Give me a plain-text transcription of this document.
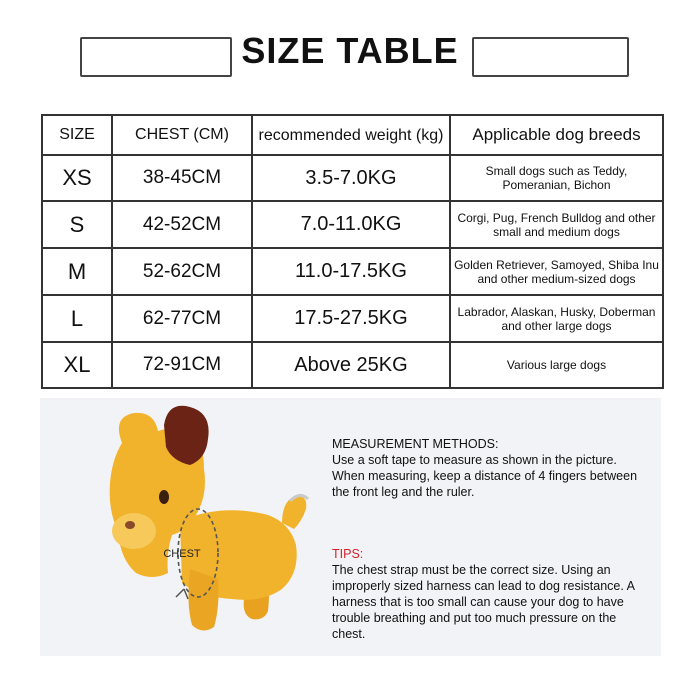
SIZE TABLE
SIZE	CHEST (CM)	recommended weight (kg)	Applicable dog breeds
XS	38-45CM	3.5-7.0KG	Small dogs such as Teddy, Pomeranian, Bichon
S	42-52CM	7.0-11.0KG	Corgi, Pug, French Bulldog and other small and medium dogs
M	52-62CM	11.0-17.5KG	Golden Retriever, Samoyed, Shiba Inu and other medium-sized dogs
L	62-77CM	17.5-27.5KG	Labrador, Alaskan, Husky, Doberman and other large dogs
XL	72-91CM	Above 25KG	Various large dogs
CHEST
MEASUREMENT METHODS:
Use a soft tape to measure as shown in the picture. When measuring, keep a distance of 4 fingers between the front leg and the ruler.
TIPS:
The chest strap must be the correct size. Using an improperly sized harness can lead to dog resistance. A harness that is too small can cause your dog to have trouble breathing and put too much pressure on the chest.
